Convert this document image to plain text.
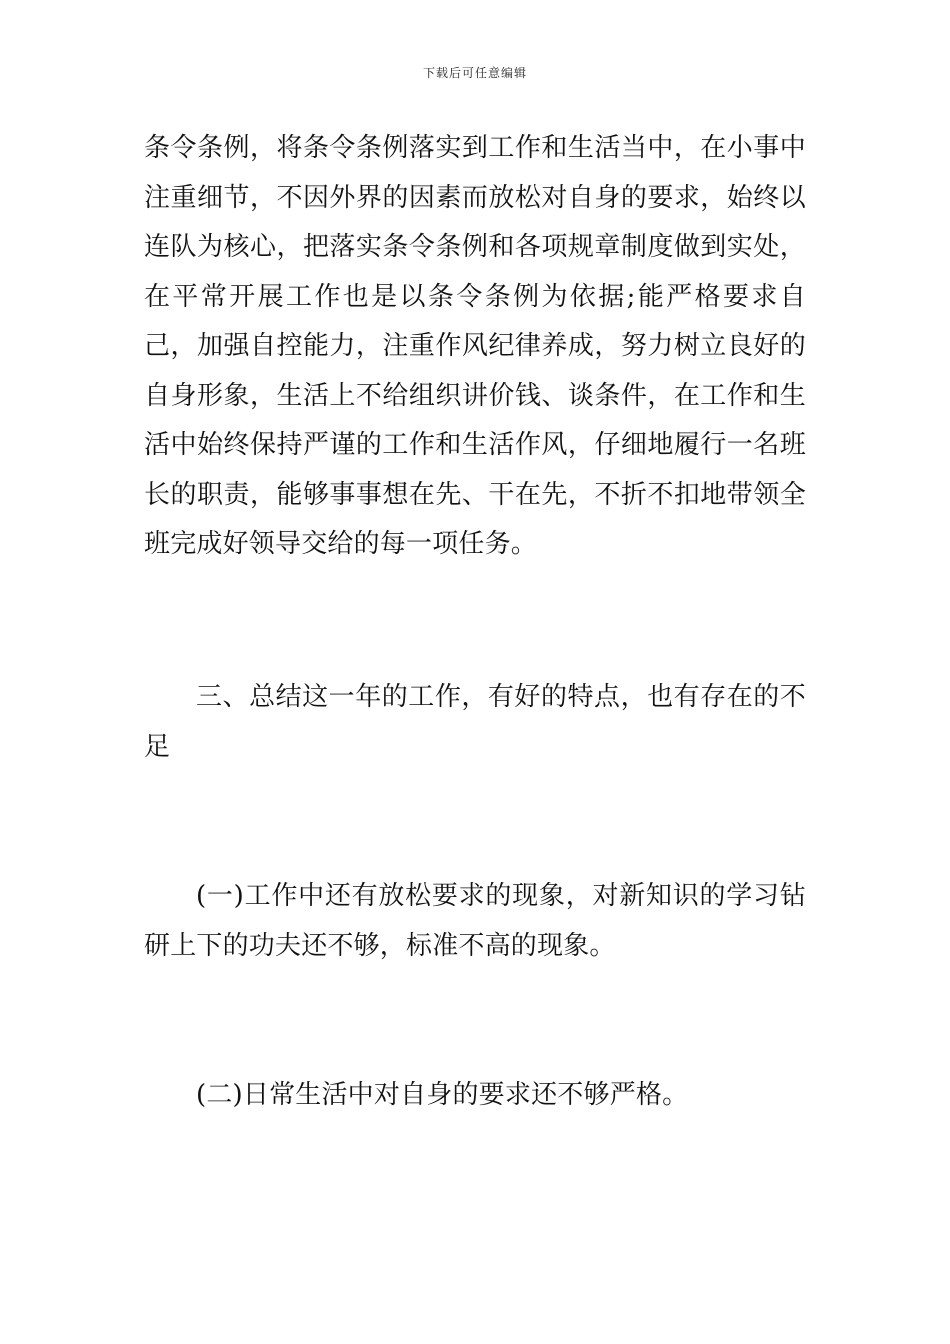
下载后可任意编辑
条令条例，将条令条例落实到工作和生活当中，在小事中注重细节，不因外界的因素而放松对自身的要求，始终以连队为核心，把落实条令条例和各项规章制度做到实处，在平常开展工作也是以条令条例为依据;能严格要求自己，加强自控能力，注重作风纪律养成，努力树立良好的自身形象，生活上不给组织讲价钱、谈条件，在工作和生活中始终保持严谨的工作和生活作风，仔细地履行一名班长的职责，能够事事想在先、干在先，不折不扣地带领全班完成好领导交给的每一项任务。
三、总结这一年的工作，有好的特点，也有存在的不足
(一)工作中还有放松要求的现象，对新知识的学习钻研上下的功夫还不够，标准不高的现象。
(二)日常生活中对自身的要求还不够严格。
